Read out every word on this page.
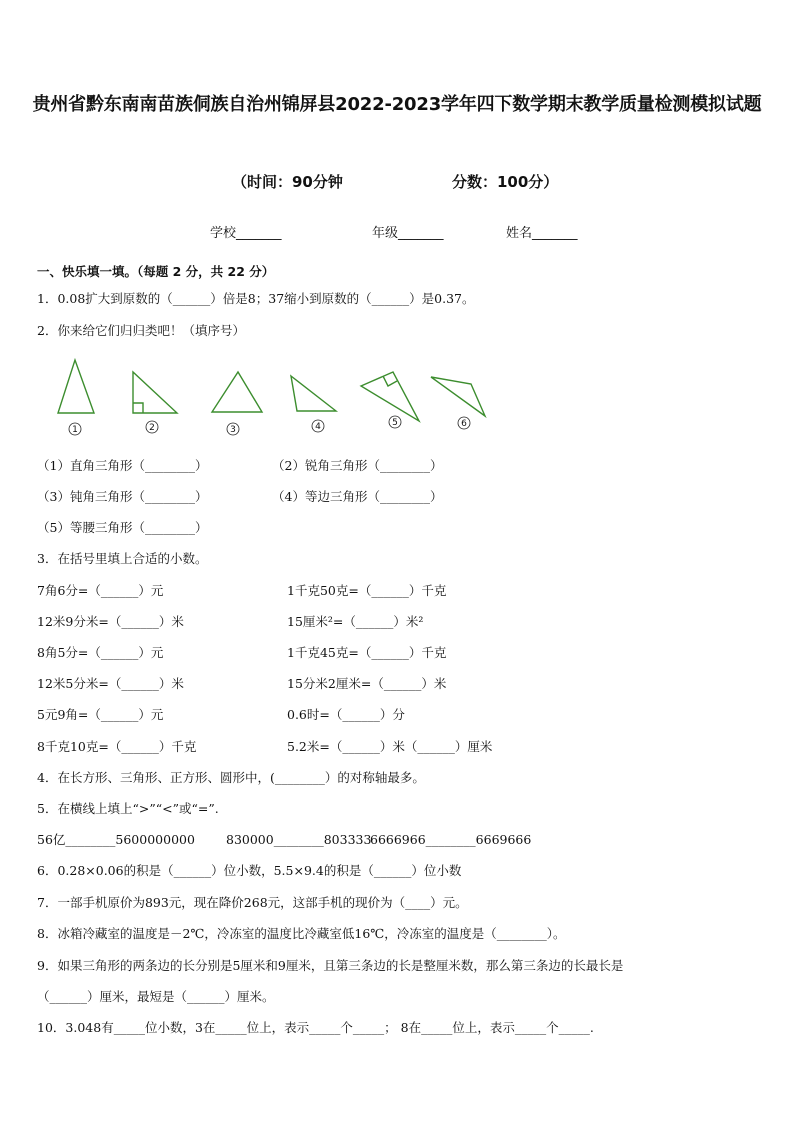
贵州省黔东南南苗族侗族自治州锦屏县2022-2023学年四下数学期末教学质量检测模拟试题
（时间：90分钟	分数：100分）
学校_______	年级_______	姓名_______
一、快乐填一填。（每题 2 分，共 22 分）
1．0.08扩大到原数的（______）倍是8；37缩小到原数的（______）是0.37。
2．你来给它们归归类吧！（填序号）
1	2	3	4	5	6
（1）直角三角形（________）	（2）锐角三角形（________）
（3）钝角三角形（________）	（4）等边三角形（________）
（5）等腰三角形（________）
3．在括号里填上合适的小数。
7角6分=（______）元	1千克50克=（______）千克
12米9分米=（______）米	15厘米²=（______）米²
8角5分=（______）元	1千克45克=（______）千克
12米5分米=（______）米	15分米2厘米=（______）米
5元9角=（______）元	0.6时=（______）分
8千克10克=（______）千克	5.2米=（______）米（______）厘米
4．在长方形、三角形、正方形、圆形中，(________）的对称轴最多。
5．在横线上填上“>”“<”或“=”.
56亿________5600000000 830000________803333
6666966________6669666
6．0.28×0.06的积是（______）位小数，5.5×9.4的积是（______）位小数
7．一部手机原价为893元，现在降价268元，这部手机的现价为（____）元。
8．冰箱冷藏室的温度是－2℃，冷冻室的温度比冷藏室低16℃，冷冻室的温度是（________）。
9．如果三角形的两条边的长分别是5厘米和9厘米，且第三条边的长是整厘米数，那么第三条边的长最长是
（______）厘米，最短是（______）厘米。
10．3.048有_____位小数，3在_____位上，表示_____个_____； 8在_____位上，表示_____个_____.
